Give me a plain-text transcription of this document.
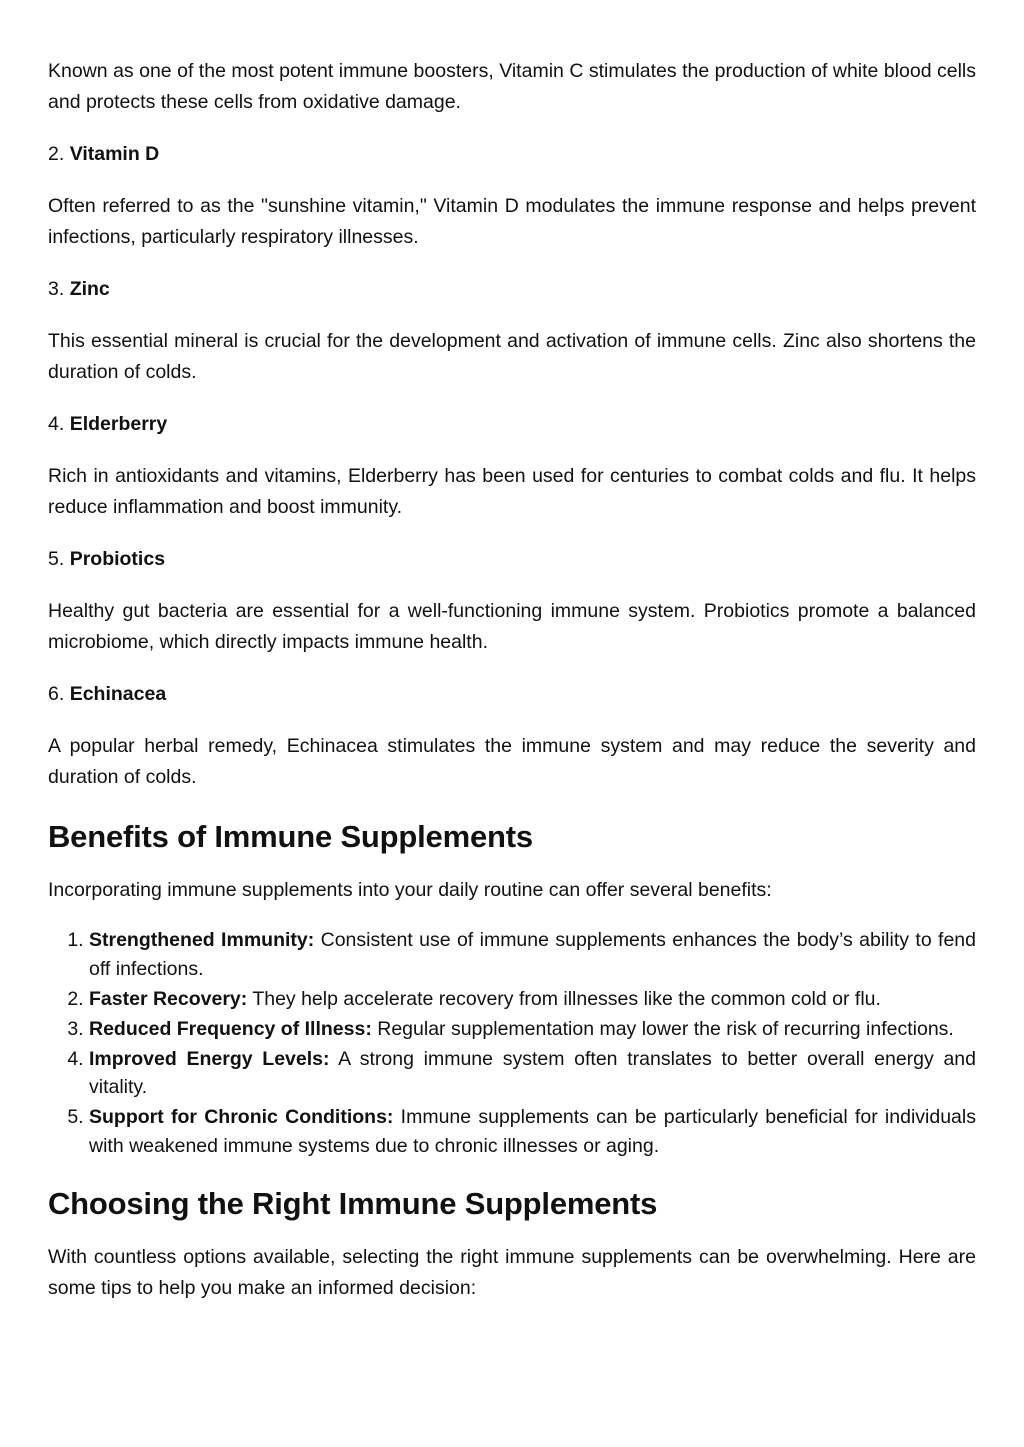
Known as one of the most potent immune boosters, Vitamin C stimulates the production of white blood cells and protects these cells from oxidative damage.

2. Vitamin D

Often referred to as the "sunshine vitamin," Vitamin D modulates the immune response and helps prevent infections, particularly respiratory illnesses.

3. Zinc

This essential mineral is crucial for the development and activation of immune cells. Zinc also shortens the duration of colds.

4. Elderberry

Rich in antioxidants and vitamins, Elderberry has been used for centuries to combat colds and flu. It helps reduce inflammation and boost immunity.

5. Probiotics

Healthy gut bacteria are essential for a well-functioning immune system. Probiotics promote a balanced microbiome, which directly impacts immune health.

6. Echinacea

A popular herbal remedy, Echinacea stimulates the immune system and may reduce the severity and duration of colds.

Benefits of Immune Supplements

Incorporating immune supplements into your daily routine can offer several benefits:

1. Strengthened Immunity: Consistent use of immune supplements enhances the body’s ability to fend off infections.
2. Faster Recovery: They help accelerate recovery from illnesses like the common cold or flu.
3. Reduced Frequency of Illness: Regular supplementation may lower the risk of recurring infections.
4. Improved Energy Levels: A strong immune system often translates to better overall energy and vitality.
5. Support for Chronic Conditions: Immune supplements can be particularly beneficial for individuals with weakened immune systems due to chronic illnesses or aging.
Choosing the Right Immune Supplements

With countless options available, selecting the right immune supplements can be overwhelming. Here are some tips to help you make an informed decision:
